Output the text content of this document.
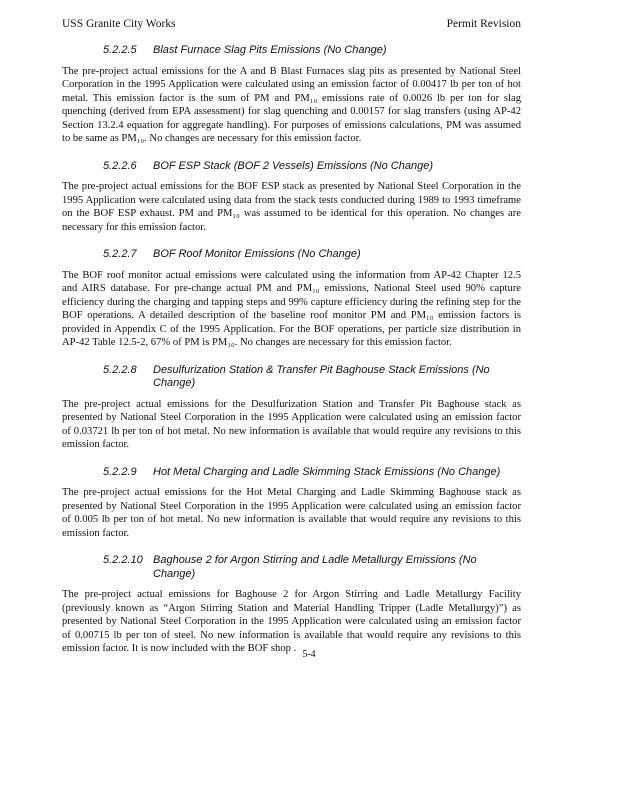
USS Granite City Works	Permit Revision
5.2.2.5	Blast Furnace Slag Pits Emissions (No Change)

The pre-project actual emissions for the A and B Blast Furnaces slag pits as presented by National Steel Corporation in the 1995 Application were calculated using an emission factor of 0.00417 lb per ton of hot metal. This emission factor is the sum of PM and PM₁₀ emissions rate of 0.0026 lb per ton for slag quenching (derived from EPA assessment) for slag quenching and 0.00157 for slag transfers (using AP-42 Section 13.2.4 equation for aggregate handling). For purposes of emissions calculations, PM was assumed to be same as PM₁₀. No changes are necessary for this emission factor.

5.2.2.6	BOF ESP Stack (BOF 2 Vessels) Emissions (No Change)

The pre-project actual emissions for the BOF ESP stack as presented by National Steel Corporation in the 1995 Application were calculated using data from the stack tests conducted during 1989 to 1993 timeframe on the BOF ESP exhaust. PM and PM₁₀ was assumed to be identical for this operation. No changes are necessary for this emission factor.

5.2.2.7	BOF Roof Monitor Emissions (No Change)

The BOF roof monitor actual emissions were calculated using the information from AP-42 Chapter 12.5 and AIRS database. For pre-change actual PM and PM₁₀ emissions, National Steel used 90% capture efficiency during the charging and tapping steps and 99% capture efficiency during the refining step for the BOF operations. A detailed description of the baseline roof monitor PM and PM₁₀ emission factors is provided in Appendix C of the 1995 Application. For the BOF operations, per particle size distribution in AP-42 Table 12.5-2, 67% of PM is PM₁₀. No changes are necessary for this emission factor.

5.2.2.8	Desulfurization Station & Transfer Pit Baghouse Stack Emissions (No Change)

The pre-project actual emissions for the Desulfurization Station and Transfer Pit Baghouse stack as presented by National Steel Corporation in the 1995 Application were calculated using an emission factor of 0.03721 lb per ton of hot metal. No new information is available that would require any revisions to this emission factor.

5.2.2.9	Hot Metal Charging and Ladle Skimming Stack Emissions (No Change)

The pre-project actual emissions for the Hot Metal Charging and Ladle Skimming Baghouse stack as presented by National Steel Corporation in the 1995 Application were calculated using an emission factor of 0.005 lb per ton of hot metal. No new information is available that would require any revisions to this emission factor.

5.2.2.10 Baghouse 2 for Argon Stirring and Ladle Metallurgy Emissions (No Change)

The pre-project actual emissions for Baghouse 2 for Argon Stirring and Ladle Metallurgy Facility (previously known as “Argon Stirring Station and Material Handling Tripper (Ladle Metallurgy)”) as presented by National Steel Corporation in the 1995 Application were calculated using an emission factor of 0.00715 lb per ton of steel. No new information is available that would require any revisions to this emission factor. It is now included with the BOF shop .

5-4
